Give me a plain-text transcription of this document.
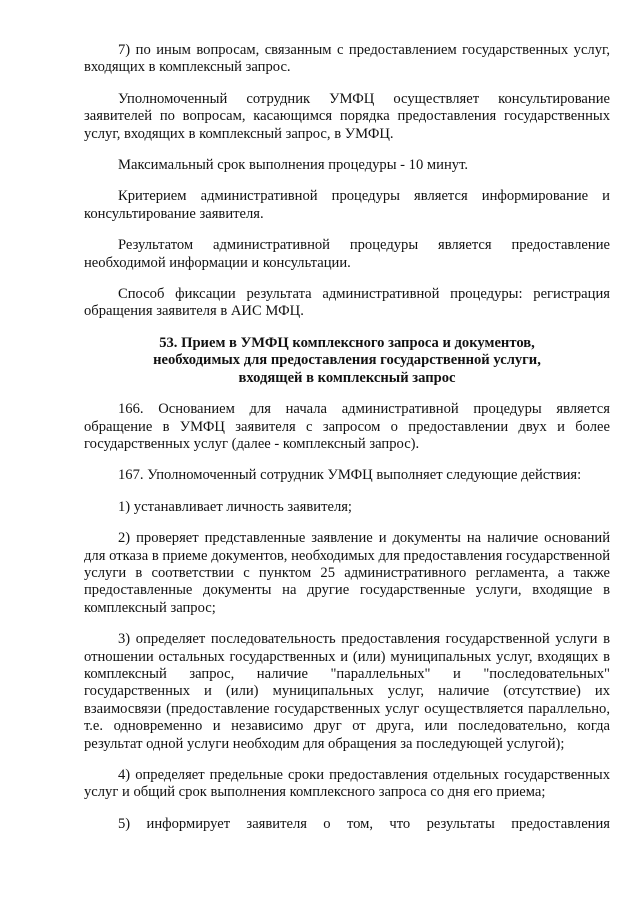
7) по иным вопросам, связанным с предоставлением государственных услуг, входящих в комплексный запрос.

Уполномоченный сотрудник УМФЦ осуществляет консультирование заявителей по вопросам, касающимся порядка предоставления государственных услуг, входящих в комплексный запрос, в УМФЦ.

Максимальный срок выполнения процедуры - 10 минут.

Критерием административной процедуры является информирование и консультирование заявителя.

Результатом административной процедуры является предоставление необходимой информации и консультации.

Способ фиксации результата административной процедуры: регистрация обращения заявителя в АИС МФЦ.

53. Прием в УМФЦ комплексного запроса и документов,
необходимых для предоставления государственной услуги,
входящей в комплексный запрос

166. Основанием для начала административной процедуры является обращение в УМФЦ заявителя с запросом о предоставлении двух и более государственных услуг (далее - комплексный запрос).

167. Уполномоченный сотрудник УМФЦ выполняет следующие действия:

1) устанавливает личность заявителя;

2) проверяет представленные заявление и документы на наличие оснований для отказа в приеме документов, необходимых для предоставления государственной услуги в соответствии с пунктом 25 административного регламента, а также предоставленные документы на другие государственные услуги, входящие в комплексный запрос;

3) определяет последовательность предоставления государственной услуги в отношении остальных государственных и (или) муниципальных услуг, входящих в комплексный запрос, наличие "параллельных" и "последовательных" государственных и (или) муниципальных услуг, наличие (отсутствие) их взаимосвязи (предоставление государственных услуг осуществляется параллельно, т.е. одновременно и независимо друг от друга, или последовательно, когда результат одной услуги необходим для обращения за последующей услугой);

4) определяет предельные сроки предоставления отдельных государственных услуг и общий срок выполнения комплексного запроса со дня его приема;

5) информирует заявителя о том, что результаты предоставления
